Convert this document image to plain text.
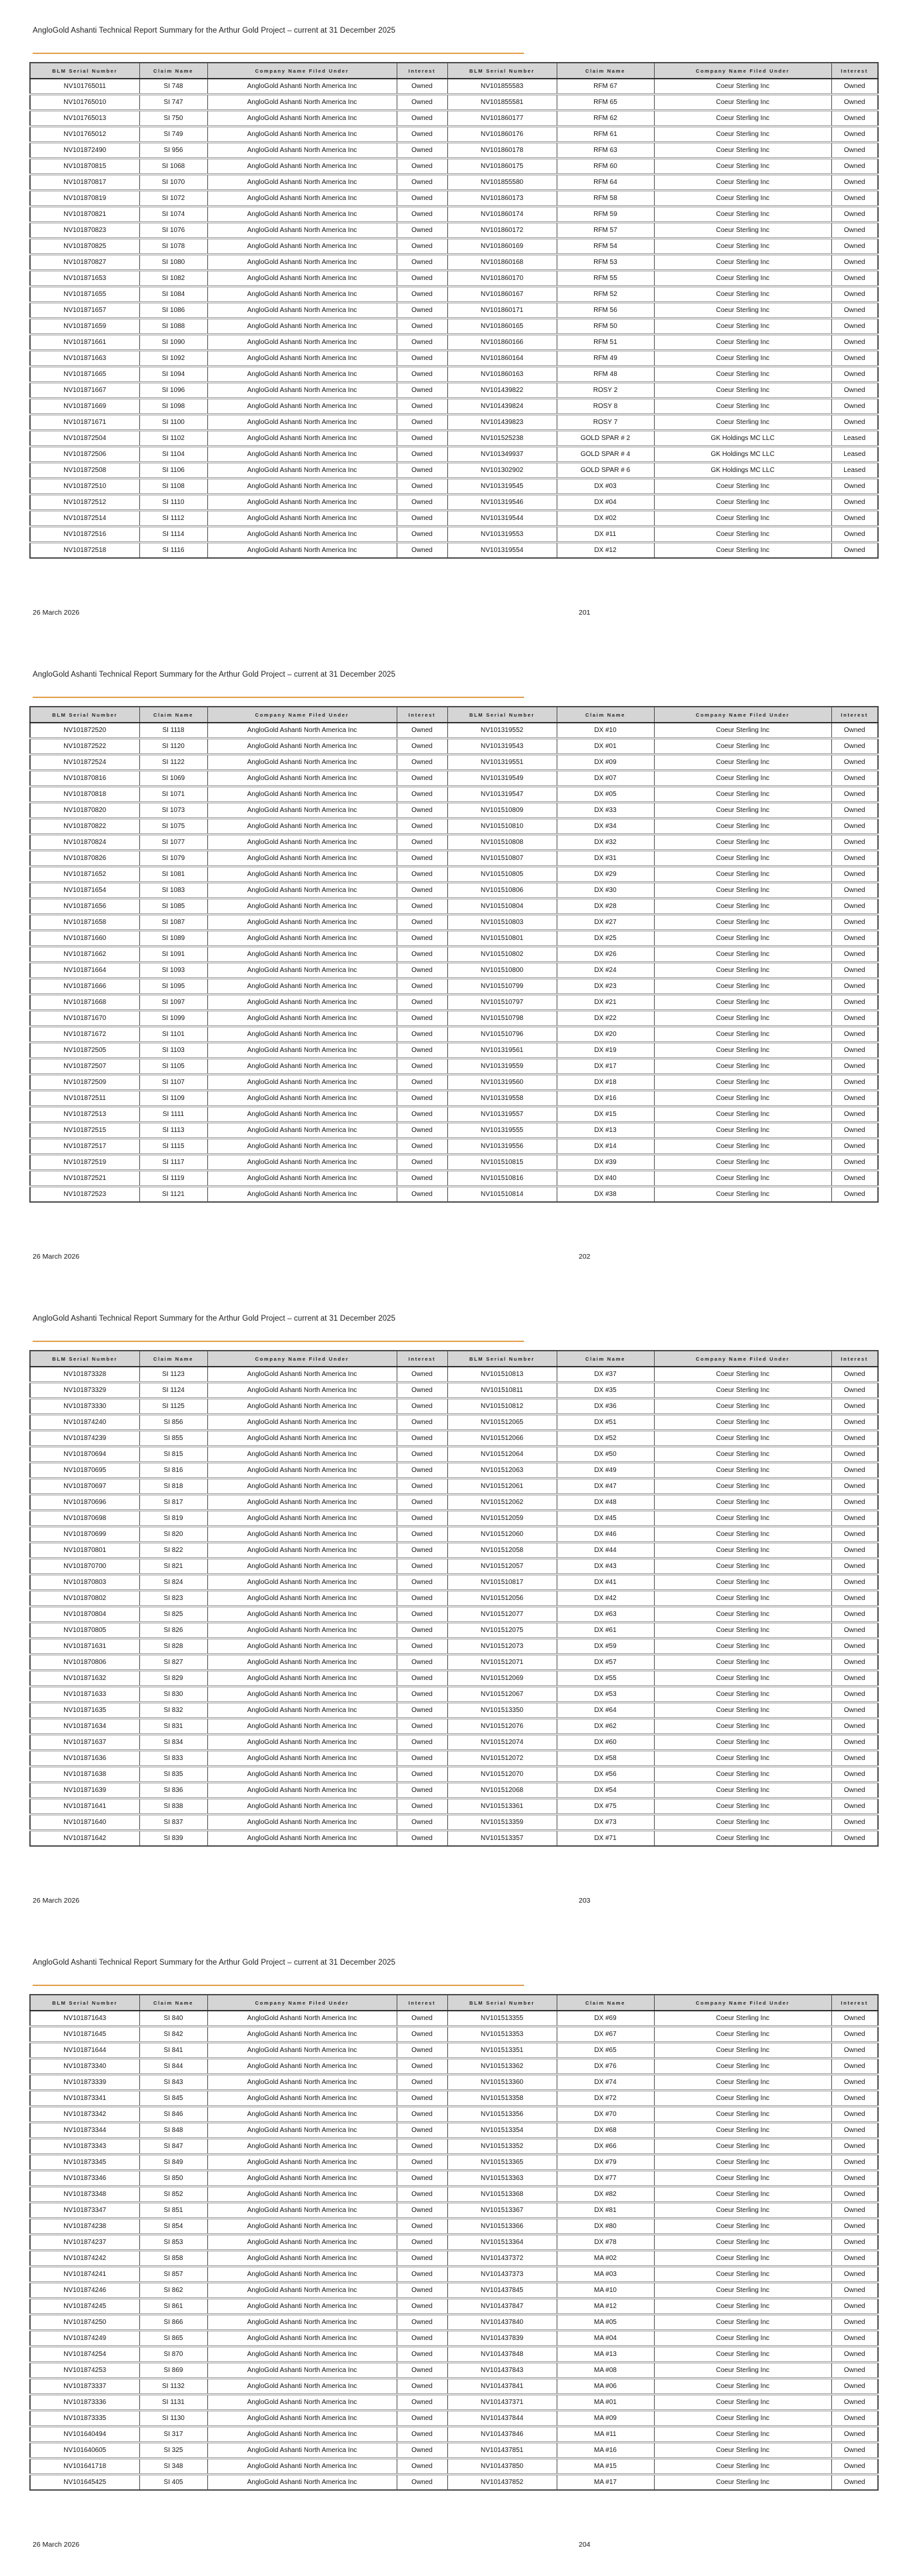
AngloGold Ashanti Technical Report Summary for the Arthur Gold Project – current at 31 December 2025
BLM Serial Number	Claim Name	Company Name Filed Under	Interest	BLM Serial Number	Claim Name	Company Name Filed Under	Interest
NV101765011	SI 748	AngloGold Ashanti North America Inc	Owned	NV101855583	RFM 67	Coeur Sterling Inc	Owned
NV101765010	SI 747	AngloGold Ashanti North America Inc	Owned	NV101855581	RFM 65	Coeur Sterling Inc	Owned
NV101765013	SI 750	AngloGold Ashanti North America Inc	Owned	NV101860177	RFM 62	Coeur Sterling Inc	Owned
NV101765012	SI 749	AngloGold Ashanti North America Inc	Owned	NV101860176	RFM 61	Coeur Sterling Inc	Owned
NV101872490	SI 956	AngloGold Ashanti North America Inc	Owned	NV101860178	RFM 63	Coeur Sterling Inc	Owned
NV101870815	SI 1068	AngloGold Ashanti North America Inc	Owned	NV101860175	RFM 60	Coeur Sterling Inc	Owned
NV101870817	SI 1070	AngloGold Ashanti North America Inc	Owned	NV101855580	RFM 64	Coeur Sterling Inc	Owned
NV101870819	SI 1072	AngloGold Ashanti North America Inc	Owned	NV101860173	RFM 58	Coeur Sterling Inc	Owned
NV101870821	SI 1074	AngloGold Ashanti North America Inc	Owned	NV101860174	RFM 59	Coeur Sterling Inc	Owned
NV101870823	SI 1076	AngloGold Ashanti North America Inc	Owned	NV101860172	RFM 57	Coeur Sterling Inc	Owned
NV101870825	SI 1078	AngloGold Ashanti North America Inc	Owned	NV101860169	RFM 54	Coeur Sterling Inc	Owned
NV101870827	SI 1080	AngloGold Ashanti North America Inc	Owned	NV101860168	RFM 53	Coeur Sterling Inc	Owned
NV101871653	SI 1082	AngloGold Ashanti North America Inc	Owned	NV101860170	RFM 55	Coeur Sterling Inc	Owned
NV101871655	SI 1084	AngloGold Ashanti North America Inc	Owned	NV101860167	RFM 52	Coeur Sterling Inc	Owned
NV101871657	SI 1086	AngloGold Ashanti North America Inc	Owned	NV101860171	RFM 56	Coeur Sterling Inc	Owned
NV101871659	SI 1088	AngloGold Ashanti North America Inc	Owned	NV101860165	RFM 50	Coeur Sterling Inc	Owned
NV101871661	SI 1090	AngloGold Ashanti North America Inc	Owned	NV101860166	RFM 51	Coeur Sterling Inc	Owned
NV101871663	SI 1092	AngloGold Ashanti North America Inc	Owned	NV101860164	RFM 49	Coeur Sterling Inc	Owned
NV101871665	SI 1094	AngloGold Ashanti North America Inc	Owned	NV101860163	RFM 48	Coeur Sterling Inc	Owned
NV101871667	SI 1096	AngloGold Ashanti North America Inc	Owned	NV101439822	ROSY 2	Coeur Sterling Inc	Owned
NV101871669	SI 1098	AngloGold Ashanti North America Inc	Owned	NV101439824	ROSY 8	Coeur Sterling Inc	Owned
NV101871671	SI 1100	AngloGold Ashanti North America Inc	Owned	NV101439823	ROSY 7	Coeur Sterling Inc	Owned
NV101872504	SI 1102	AngloGold Ashanti North America Inc	Owned	NV101525238	GOLD SPAR # 2	GK Holdings MC LLC	Leased
NV101872506	SI 1104	AngloGold Ashanti North America Inc	Owned	NV101349937	GOLD SPAR # 4	GK Holdings MC LLC	Leased
NV101872508	SI 1106	AngloGold Ashanti North America Inc	Owned	NV101302902	GOLD SPAR # 6	GK Holdings MC LLC	Leased
NV101872510	SI 1108	AngloGold Ashanti North America Inc	Owned	NV101319545	DX #03	Coeur Sterling Inc	Owned
NV101872512	SI 1110	AngloGold Ashanti North America Inc	Owned	NV101319546	DX #04	Coeur Sterling Inc	Owned
NV101872514	SI 1112	AngloGold Ashanti North America Inc	Owned	NV101319544	DX #02	Coeur Sterling Inc	Owned
NV101872516	SI 1114	AngloGold Ashanti North America Inc	Owned	NV101319553	DX #11	Coeur Sterling Inc	Owned
NV101872518	SI 1116	AngloGold Ashanti North America Inc	Owned	NV101319554	DX #12	Coeur Sterling Inc	Owned
26 March 2026	201
AngloGold Ashanti Technical Report Summary for the Arthur Gold Project – current at 31 December 2025
BLM Serial Number	Claim Name	Company Name Filed Under	Interest	BLM Serial Number	Claim Name	Company Name Filed Under	Interest
NV101872520	SI 1118	AngloGold Ashanti North America Inc	Owned	NV101319552	DX #10	Coeur Sterling Inc	Owned
NV101872522	SI 1120	AngloGold Ashanti North America Inc	Owned	NV101319543	DX #01	Coeur Sterling Inc	Owned
NV101872524	SI 1122	AngloGold Ashanti North America Inc	Owned	NV101319551	DX #09	Coeur Sterling Inc	Owned
NV101870816	SI 1069	AngloGold Ashanti North America Inc	Owned	NV101319549	DX #07	Coeur Sterling Inc	Owned
NV101870818	SI 1071	AngloGold Ashanti North America Inc	Owned	NV101319547	DX #05	Coeur Sterling Inc	Owned
NV101870820	SI 1073	AngloGold Ashanti North America Inc	Owned	NV101510809	DX #33	Coeur Sterling Inc	Owned
NV101870822	SI 1075	AngloGold Ashanti North America Inc	Owned	NV101510810	DX #34	Coeur Sterling Inc	Owned
NV101870824	SI 1077	AngloGold Ashanti North America Inc	Owned	NV101510808	DX #32	Coeur Sterling Inc	Owned
NV101870826	SI 1079	AngloGold Ashanti North America Inc	Owned	NV101510807	DX #31	Coeur Sterling Inc	Owned
NV101871652	SI 1081	AngloGold Ashanti North America Inc	Owned	NV101510805	DX #29	Coeur Sterling Inc	Owned
NV101871654	SI 1083	AngloGold Ashanti North America Inc	Owned	NV101510806	DX #30	Coeur Sterling Inc	Owned
NV101871656	SI 1085	AngloGold Ashanti North America Inc	Owned	NV101510804	DX #28	Coeur Sterling Inc	Owned
NV101871658	SI 1087	AngloGold Ashanti North America Inc	Owned	NV101510803	DX #27	Coeur Sterling Inc	Owned
NV101871660	SI 1089	AngloGold Ashanti North America Inc	Owned	NV101510801	DX #25	Coeur Sterling Inc	Owned
NV101871662	SI 1091	AngloGold Ashanti North America Inc	Owned	NV101510802	DX #26	Coeur Sterling Inc	Owned
NV101871664	SI 1093	AngloGold Ashanti North America Inc	Owned	NV101510800	DX #24	Coeur Sterling Inc	Owned
NV101871666	SI 1095	AngloGold Ashanti North America Inc	Owned	NV101510799	DX #23	Coeur Sterling Inc	Owned
NV101871668	SI 1097	AngloGold Ashanti North America Inc	Owned	NV101510797	DX #21	Coeur Sterling Inc	Owned
NV101871670	SI 1099	AngloGold Ashanti North America Inc	Owned	NV101510798	DX #22	Coeur Sterling Inc	Owned
NV101871672	SI 1101	AngloGold Ashanti North America Inc	Owned	NV101510796	DX #20	Coeur Sterling Inc	Owned
NV101872505	SI 1103	AngloGold Ashanti North America Inc	Owned	NV101319561	DX #19	Coeur Sterling Inc	Owned
NV101872507	SI 1105	AngloGold Ashanti North America Inc	Owned	NV101319559	DX #17	Coeur Sterling Inc	Owned
NV101872509	SI 1107	AngloGold Ashanti North America Inc	Owned	NV101319560	DX #18	Coeur Sterling Inc	Owned
NV101872511	SI 1109	AngloGold Ashanti North America Inc	Owned	NV101319558	DX #16	Coeur Sterling Inc	Owned
NV101872513	SI 1111	AngloGold Ashanti North America Inc	Owned	NV101319557	DX #15	Coeur Sterling Inc	Owned
NV101872515	SI 1113	AngloGold Ashanti North America Inc	Owned	NV101319555	DX #13	Coeur Sterling Inc	Owned
NV101872517	SI 1115	AngloGold Ashanti North America Inc	Owned	NV101319556	DX #14	Coeur Sterling Inc	Owned
NV101872519	SI 1117	AngloGold Ashanti North America Inc	Owned	NV101510815	DX #39	Coeur Sterling Inc	Owned
NV101872521	SI 1119	AngloGold Ashanti North America Inc	Owned	NV101510816	DX #40	Coeur Sterling Inc	Owned
NV101872523	SI 1121	AngloGold Ashanti North America Inc	Owned	NV101510814	DX #38	Coeur Sterling Inc	Owned
26 March 2026	202
AngloGold Ashanti Technical Report Summary for the Arthur Gold Project – current at 31 December 2025
BLM Serial Number	Claim Name	Company Name Filed Under	Interest	BLM Serial Number	Claim Name	Company Name Filed Under	Interest
NV101873328	SI 1123	AngloGold Ashanti North America Inc	Owned	NV101510813	DX #37	Coeur Sterling Inc	Owned
NV101873329	SI 1124	AngloGold Ashanti North America Inc	Owned	NV101510811	DX #35	Coeur Sterling Inc	Owned
NV101873330	SI 1125	AngloGold Ashanti North America Inc	Owned	NV101510812	DX #36	Coeur Sterling Inc	Owned
NV101874240	SI 856	AngloGold Ashanti North America Inc	Owned	NV101512065	DX #51	Coeur Sterling Inc	Owned
NV101874239	SI 855	AngloGold Ashanti North America Inc	Owned	NV101512066	DX #52	Coeur Sterling Inc	Owned
NV101870694	SI 815	AngloGold Ashanti North America Inc	Owned	NV101512064	DX #50	Coeur Sterling Inc	Owned
NV101870695	SI 816	AngloGold Ashanti North America Inc	Owned	NV101512063	DX #49	Coeur Sterling Inc	Owned
NV101870697	SI 818	AngloGold Ashanti North America Inc	Owned	NV101512061	DX #47	Coeur Sterling Inc	Owned
NV101870696	SI 817	AngloGold Ashanti North America Inc	Owned	NV101512062	DX #48	Coeur Sterling Inc	Owned
NV101870698	SI 819	AngloGold Ashanti North America Inc	Owned	NV101512059	DX #45	Coeur Sterling Inc	Owned
NV101870699	SI 820	AngloGold Ashanti North America Inc	Owned	NV101512060	DX #46	Coeur Sterling Inc	Owned
NV101870801	SI 822	AngloGold Ashanti North America Inc	Owned	NV101512058	DX #44	Coeur Sterling Inc	Owned
NV101870700	SI 821	AngloGold Ashanti North America Inc	Owned	NV101512057	DX #43	Coeur Sterling Inc	Owned
NV101870803	SI 824	AngloGold Ashanti North America Inc	Owned	NV101510817	DX #41	Coeur Sterling Inc	Owned
NV101870802	SI 823	AngloGold Ashanti North America Inc	Owned	NV101512056	DX #42	Coeur Sterling Inc	Owned
NV101870804	SI 825	AngloGold Ashanti North America Inc	Owned	NV101512077	DX #63	Coeur Sterling Inc	Owned
NV101870805	SI 826	AngloGold Ashanti North America Inc	Owned	NV101512075	DX #61	Coeur Sterling Inc	Owned
NV101871631	SI 828	AngloGold Ashanti North America Inc	Owned	NV101512073	DX #59	Coeur Sterling Inc	Owned
NV101870806	SI 827	AngloGold Ashanti North America Inc	Owned	NV101512071	DX #57	Coeur Sterling Inc	Owned
NV101871632	SI 829	AngloGold Ashanti North America Inc	Owned	NV101512069	DX #55	Coeur Sterling Inc	Owned
NV101871633	SI 830	AngloGold Ashanti North America Inc	Owned	NV101512067	DX #53	Coeur Sterling Inc	Owned
NV101871635	SI 832	AngloGold Ashanti North America Inc	Owned	NV101513350	DX #64	Coeur Sterling Inc	Owned
NV101871634	SI 831	AngloGold Ashanti North America Inc	Owned	NV101512076	DX #62	Coeur Sterling Inc	Owned
NV101871637	SI 834	AngloGold Ashanti North America Inc	Owned	NV101512074	DX #60	Coeur Sterling Inc	Owned
NV101871636	SI 833	AngloGold Ashanti North America Inc	Owned	NV101512072	DX #58	Coeur Sterling Inc	Owned
NV101871638	SI 835	AngloGold Ashanti North America Inc	Owned	NV101512070	DX #56	Coeur Sterling Inc	Owned
NV101871639	SI 836	AngloGold Ashanti North America Inc	Owned	NV101512068	DX #54	Coeur Sterling Inc	Owned
NV101871641	SI 838	AngloGold Ashanti North America Inc	Owned	NV101513361	DX #75	Coeur Sterling Inc	Owned
NV101871640	SI 837	AngloGold Ashanti North America Inc	Owned	NV101513359	DX #73	Coeur Sterling Inc	Owned
NV101871642	SI 839	AngloGold Ashanti North America Inc	Owned	NV101513357	DX #71	Coeur Sterling Inc	Owned
26 March 2026	203
AngloGold Ashanti Technical Report Summary for the Arthur Gold Project – current at 31 December 2025
BLM Serial Number	Claim Name	Company Name Filed Under	Interest	BLM Serial Number	Claim Name	Company Name Filed Under	Interest
NV101871643	SI 840	AngloGold Ashanti North America Inc	Owned	NV101513355	DX #69	Coeur Sterling Inc	Owned
NV101871645	SI 842	AngloGold Ashanti North America Inc	Owned	NV101513353	DX #67	Coeur Sterling Inc	Owned
NV101871644	SI 841	AngloGold Ashanti North America Inc	Owned	NV101513351	DX #65	Coeur Sterling Inc	Owned
NV101873340	SI 844	AngloGold Ashanti North America Inc	Owned	NV101513362	DX #76	Coeur Sterling Inc	Owned
NV101873339	SI 843	AngloGold Ashanti North America Inc	Owned	NV101513360	DX #74	Coeur Sterling Inc	Owned
NV101873341	SI 845	AngloGold Ashanti North America Inc	Owned	NV101513358	DX #72	Coeur Sterling Inc	Owned
NV101873342	SI 846	AngloGold Ashanti North America Inc	Owned	NV101513356	DX #70	Coeur Sterling Inc	Owned
NV101873344	SI 848	AngloGold Ashanti North America Inc	Owned	NV101513354	DX #68	Coeur Sterling Inc	Owned
NV101873343	SI 847	AngloGold Ashanti North America Inc	Owned	NV101513352	DX #66	Coeur Sterling Inc	Owned
NV101873345	SI 849	AngloGold Ashanti North America Inc	Owned	NV101513365	DX #79	Coeur Sterling Inc	Owned
NV101873346	SI 850	AngloGold Ashanti North America Inc	Owned	NV101513363	DX #77	Coeur Sterling Inc	Owned
NV101873348	SI 852	AngloGold Ashanti North America Inc	Owned	NV101513368	DX #82	Coeur Sterling Inc	Owned
NV101873347	SI 851	AngloGold Ashanti North America Inc	Owned	NV101513367	DX #81	Coeur Sterling Inc	Owned
NV101874238	SI 854	AngloGold Ashanti North America Inc	Owned	NV101513366	DX #80	Coeur Sterling Inc	Owned
NV101874237	SI 853	AngloGold Ashanti North America Inc	Owned	NV101513364	DX #78	Coeur Sterling Inc	Owned
NV101874242	SI 858	AngloGold Ashanti North America Inc	Owned	NV101437372	MA #02	Coeur Sterling Inc	Owned
NV101874241	SI 857	AngloGold Ashanti North America Inc	Owned	NV101437373	MA #03	Coeur Sterling Inc	Owned
NV101874246	SI 862	AngloGold Ashanti North America Inc	Owned	NV101437845	MA #10	Coeur Sterling Inc	Owned
NV101874245	SI 861	AngloGold Ashanti North America Inc	Owned	NV101437847	MA #12	Coeur Sterling Inc	Owned
NV101874250	SI 866	AngloGold Ashanti North America Inc	Owned	NV101437840	MA #05	Coeur Sterling Inc	Owned
NV101874249	SI 865	AngloGold Ashanti North America Inc	Owned	NV101437839	MA #04	Coeur Sterling Inc	Owned
NV101874254	SI 870	AngloGold Ashanti North America Inc	Owned	NV101437848	MA #13	Coeur Sterling Inc	Owned
NV101874253	SI 869	AngloGold Ashanti North America Inc	Owned	NV101437843	MA #08	Coeur Sterling Inc	Owned
NV101873337	SI 1132	AngloGold Ashanti North America Inc	Owned	NV101437841	MA #06	Coeur Sterling Inc	Owned
NV101873336	SI 1131	AngloGold Ashanti North America Inc	Owned	NV101437371	MA #01	Coeur Sterling Inc	Owned
NV101873335	SI 1130	AngloGold Ashanti North America Inc	Owned	NV101437844	MA #09	Coeur Sterling Inc	Owned
NV101640494	SI 317	AngloGold Ashanti North America Inc	Owned	NV101437846	MA #11	Coeur Sterling Inc	Owned
NV101640605	SI 325	AngloGold Ashanti North America Inc	Owned	NV101437851	MA #16	Coeur Sterling Inc	Owned
NV101641718	SI 348	AngloGold Ashanti North America Inc	Owned	NV101437850	MA #15	Coeur Sterling Inc	Owned
NV101645425	SI 405	AngloGold Ashanti North America Inc	Owned	NV101437852	MA #17	Coeur Sterling Inc	Owned
26 March 2026	204
